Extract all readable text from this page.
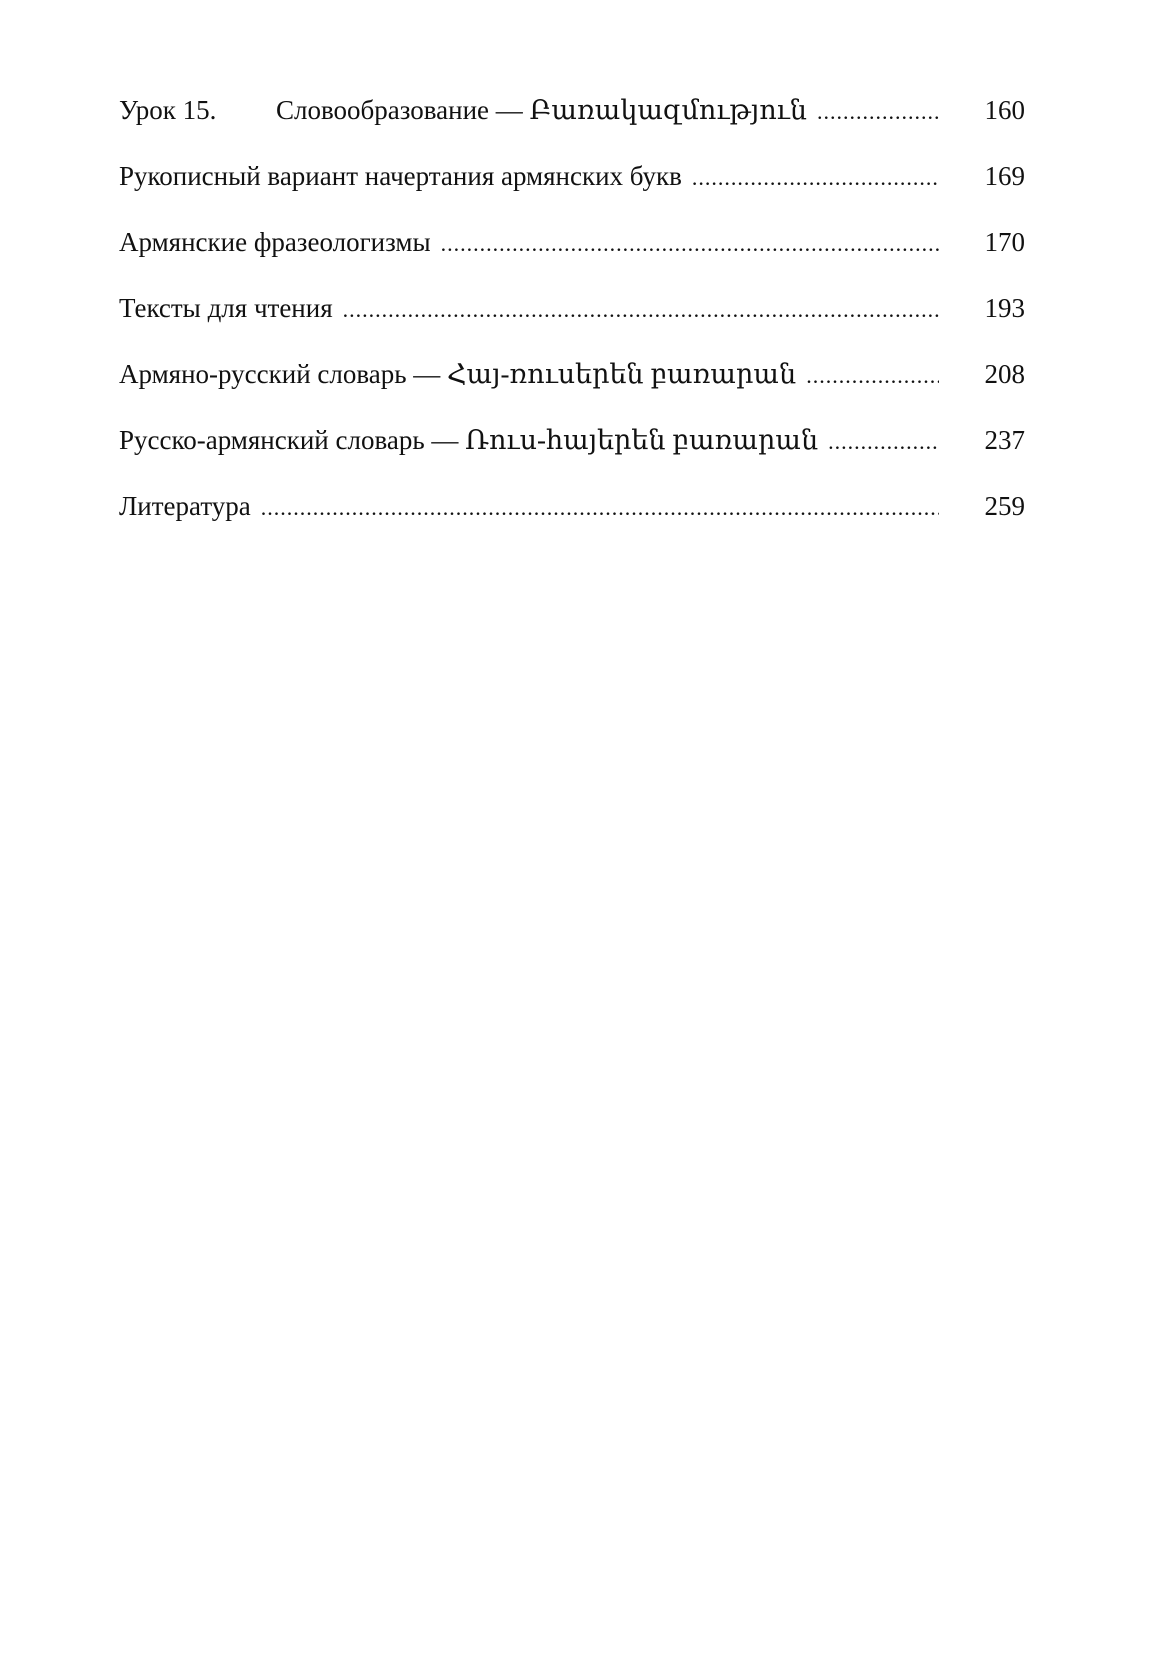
Урок 15. Словообразование — Բառակազմություն .....	160
Рукописный вариант начертания армянских букв .....	169
Армянские фразеологизмы .....	170
Тексты для чтения .....	193
Армяно-русский словарь — Հայ-ռուսերեն բառարան .....	208
Русско-армянский словарь — Ռուս-հայերեն բառարան .....	237
Литература .....	259
